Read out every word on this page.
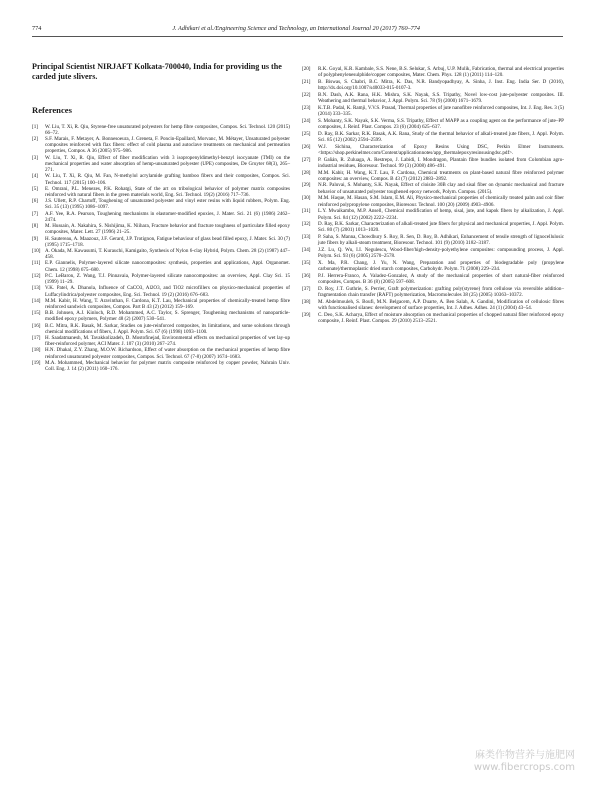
774	J. Adhikari et al./Engineering Science and Technology, an International Journal 20 (2017) 760–774

Principal Scientist NIRJAFT Kolkata-700040, India for providing us the carded jute slivers.

References
[1]	W. Liu, T. Xi, R. Qiu, Styrene-free unsaturated polyesters for hemp fibre composites, Compos. Sci. Technol. 120 (2015) 66–72.
[2]	S.F. Marais, F. Metayer, A. Bonnesoeura, J. Greneta, F. Poncin-Epaillard, Morvanc, M. Métayer, Unsaturated polyester composites reinforced with flax fibers: effect of cold plasma and autoclave treatments on mechanical and permeation properties, Compos. A 36 (2005) 975–986.
[3]	W. Liu, T. Xi, R. Qiu, Effect of fiber modification with 3 isopropenyldimethyl-benzyl isocyanate (TMI) on the mechanical properties and water absorption of hemp-unsaturated polyester (UPE) composites, De Gruyter 68(3), 265–271.
[4]	W. Liu, T. Xi, R. Qiu, M. Fan, N-methylol acrylamide grafting bamboo fibers and their composites, Compos. Sci. Technol. 117 (2015) 100–106.
[5]	E. Omrani, P.L. Menezes, P.K. Rohatgi, State of the art on tribological behavior of polymer matrix composites reinforced with natural fibers in the green materials world, Eng. Sci. Technol. 19(2) (2016) 717–736.
[6]	J.S. Ullett, R.P. Chartoff, Toughening of unsaturated polyester and vinyl ester resins with liquid rubbers, Polym. Eng. Sci. 35 (13) (1995) 1086–1097.
[7]	A.F. Yee, R.A. Pearson, Toughening mechanisms in elastomer-modified epoxies, J. Mater. Sci. 21 (6) (1986) 2462–2474.
[8]	M. Hussain, A. Nakahira, S. Nishijima, K. Niihara, Fracture behavior and fracture toughness of particulate filled epoxy composites, Mater. Lett. 27 (1996) 21–25.
[9]	H. Sautereau, A. Maazouz, J.F. Gerard, J.P. Trotignon, Fatigue behaviour of glass bead filled epoxy, J. Mater. Sci. 30 (7) (1995) 1715–1718.
[10] A. Okada, M. Kawasumi, T. Kurauchi, Kamigaito, Synthesis of Nylon 6-clay Hybrid, Polym. Chem. 28 (2) (1987) 447–458.
[11] E.P. Giannelis, Polymer-layered silicate nanocomposites: synthesis, properties and applications, Appl. Organomet. Chem. 12 (1998) 675–680.
[12] P.C. LeBaron, Z. Wang, T.J. Pinnavaia, Polymer-layered silicate nanocomposites: an overview, Appl. Clay Sci. 15 (1999) 11–29.
[13] V.K. Patel, A. Dhanola, Influence of CaCO3, Al2O3, and TiO2 microfillers on physico-mechanical properties of Luffacylindrica/polyester composites, Eng. Sci. Technol. 19 (2) (2016) 676–683.
[14] M.M. Kabir, H. Wang, T. Aravinthan, F. Cardona, K.T. Lau, Mechanical properties of chemically-treated hemp fibre reinforced sandwich composites, Compos. Part B 43 (2) (2012) 159–169.
[15] B.B. Johnsen, A.J. Kinloch, R.D. Mohammed, A.C. Taylor, S. Sprenger, Toughening mechanisms of nanoparticle-modified epoxy polymers, Polymer 48 (2) (2007) 530–541.
[16] B.C. Mitra, R.K. Basak, M. Sarkar, Studies on jute-reinforced composites, its limitations, and some solutions through chemical modifications of fibers, J. Appl. Polym. Sci. 67 (6) (1998) 1093–1100.
[17] H. Saadatmanesh, M. Tavakkolizadeh, D. Mostofinejad, Environmental effects on mechanical properties of wet lay-up fiber-reinforced polymer, ACI Mater. J. 107 (3) (2010) 267–274.
[18] H.N. Dhakal, Z.Y. Zhang, M.O.W. Richardson, Effect of water absorption on the mechanical properties of hemp fibre reinforced unsaturated polyester composites, Compos. Sci. Technol. 67 (7-8) (2007) 1674–1683.
[19] M.A. Mohammed, Mechanical behavior for polymer matrix composite reinforced by copper powder, Nahrain Univ. Coll. Eng. J. 14 (2) (2011) 160–176.
[20]	R.K. Goyal, K.R. Kambale, S.S. Nene, B.S. Selukar, S. Arbuj, U.P. Mulik, Fabrication, thermal and electrical properties of polyphenylenesulphide/copper composites, Mater. Chem. Phys. 128 (1) (2011) 114–120.
[21]	B. Biswas, S. Chabri, B.C. Mitra, K. Das, N.R. Bandyopadhyay, A. Sinha, J. Inst. Eng. India Ser. D (2016), http://dx.doi.org/10.1007/s40033-015-0107-3.
[22]	B.N. Dash, A.K. Rana, H.K. Mishra, S.K. Nayak, S.S. Tripathy, Novel low-cost jute-polyester composites. III. Weathering and thermal behavior, J. Appl. Polym. Sci. 78 (9) (2000) 1671–1679.
[23]	K.T.B. Padal, K. Ramji, V.V.S. Prasad, Thermal properties of jute nanofibre reinforced composites, Int. J. Eng. Res. 3 (5) (2014) 333–335.
[24]	S. Mohanty, S.K. Nayak, S.K. Verma, S.S. Tripathy, Effect of MAPP as a coupling agent on the performance of jute–PP composites, J. Reinf. Plast. Compos. 23 (6) (2004) 625–637.
[25]	D. Ray, B.K. Sarkar, R.K. Basak, A.K. Rana, Study of the thermal behavior of alkali-treated jute fibers, J. Appl. Polym. Sci. 85 (12) (2002) 2594–2599.
[26]	W.J. Sichina, Characterization of Epoxy Resins Using DSC, Perkin Elmer Instruments. <https://shop.perkinelmer.com/Content/applicationnotes/app_thermalepoxyresinsusingdsc.pdf>.
[27]	P. Gañán, R. Zuluaga, A. Restrepo, J. Labidi, I. Mondragon, Plantain fibre bundles isolated from Colombian agro-industrial residues, Bioresour. Technol. 99 (3) (2008) 486–491.
[28]	M.M. Kabir, H. Wang, K.T. Lau, F. Cardona, Chemical treatments on plant-based natural fibre reinforced polymer composites: an overview, Compos. B 43 (7) (2012) 2883–2892.
[29]	N.R. Paluvai, S. Mohanty, S.K. Nayak, Effect of cloisite 30B clay and sisal fiber on dynamic mechanical and fracture behavior of unsaturated polyester toughened epoxy network, Polym. Compos. (2015).
[30]	M.M. Haque, M. Hasan, S.M. Islam, E.M. Ali, Physico-mechanical properties of chemically treated palm and coir fiber reinforced polypropylene composites, Bioresour. Technol. 100 (20) (2009) 4903–4906.
[31]	L.Y. Mwaikambo, M.P. Ansell, Chemical modification of hemp, sisal, jute, and kapok fibers by alkalization, J. Appl. Polym. Sci. 84 (12) (2002) 2222–2234.
[32]	D. Ray, B.K. Sarkar, Characterization of alkali-treated jute fibers for physical and mechanical properties, J. Appl. Polym. Sci. 80 (7) (2001) 1013–1020.
[33]	P. Saha, S. Manna, Chowdhury S. Roy, R. Sen, D. Roy, B. Adhikari, Enhancement of tensile strength of lignocellulosic jute fibers by alkali-steam treatment, Bioresour. Technol. 101 (9) (2010) 3182–3187.
[34]	J.Z. Lu, Q. Wu, I.I. Negulescu, Wood-fiber/high-density-polyethylene composites: compounding process, J. Appl. Polym. Sci. 93 (6) (2005) 2570–2578.
[35]	X. Ma, P.R. Chang, J. Yu, N. Wang, Preparation and properties of biodegradable poly (propylene carbonate)/thermoplastic dried starch composites, Carbohydr. Polym. 71 (2008) 229–234.
[36]	P.J. Herrera-Franco, A. Valadez-Gonzalez, A study of the mechanical properties of short natural-fiber reinforced composites, Compos. B 36 (8) (2005) 597–608.
[37]	D. Roy, J.T. Guthrie, S. Perrier, Graft polymerization: grafting poly(styrene) from cellulose via reversible addition–fragmentation chain transfer (RAFT) polymerization, Macromolecules 38 (25) (2005) 10363–10372.
[38]	M. Abdelmouleh, S. Boufi, M.N. Belgacem, A.P. Duarte, A. Ben Salah, A. Gandini, Modification of cellulosic fibres with functionalised silanes: development of surface properties, Int. J. Adhes. Adhes. 24 (1) (2004) 43–54.
[39]	C. Deo, S.K. Acharya, Effect of moisture absorption on mechanical properties of chopped natural fiber reinforced epoxy composite, J. Reinf. Plast. Compos. 29 (2010) 2513–2521.
麻类作物营养与施肥网
www.fibercrops.com
